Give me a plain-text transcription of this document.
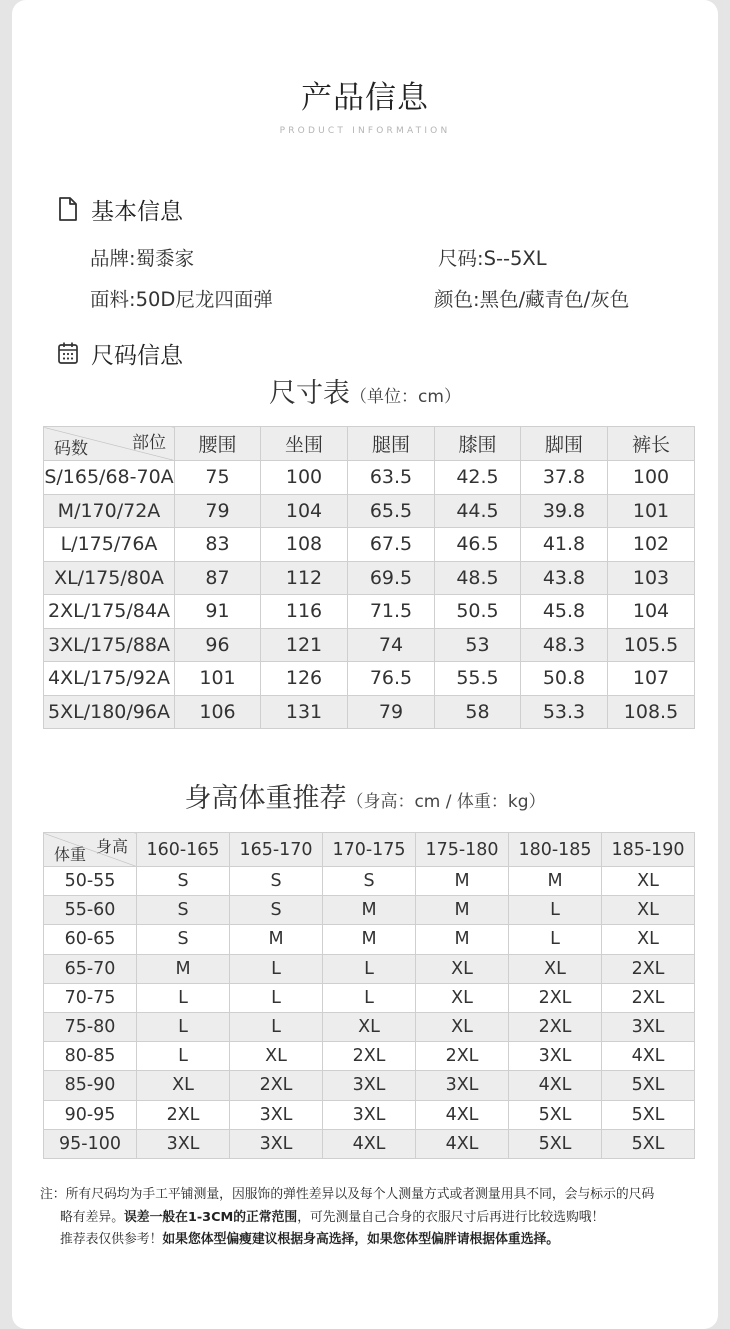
产品信息
PRODUCT INFORMATION
基本信息
品牌:蜀黍家	尺码:S--5XL
面料:50D尼龙四面弹	颜色:黑色/藏青色/灰色
尺码信息
尺寸表（单位：cm）
部位
码数	腰围	坐围	腿围	膝围	脚围	裤长
S/165/68-70A	75	100	63.5	42.5	37.8	100
M/170/72A	79	104	65.5	44.5	39.8	101
L/175/76A	83	108	67.5	46.5	41.8	102
XL/175/80A	87	112	69.5	48.5	43.8	103
2XL/175/84A	91	116	71.5	50.5	45.8	104
3XL/175/88A	96	121	74	53	48.3	105.5
4XL/175/92A	101	126	76.5	55.5	50.8	107
5XL/180/96A	106	131	79	58	53.3	108.5
身高体重推荐（身高：cm / 体重：kg）
身高
体重	160-165	165-170	170-175	175-180	180-185	185-190
50-55	S	S	S	M	M	XL
55-60	S	S	M	M	L	XL
60-65	S	M	M	M	L	XL
65-70	M	L	L	XL	XL	2XL
70-75	L	L	L	XL	2XL	2XL
75-80	L	L	XL	XL	2XL	3XL
80-85	L	XL	2XL	2XL	3XL	4XL
85-90	XL	2XL	3XL	3XL	4XL	5XL
90-95	2XL	3XL	3XL	4XL	5XL	5XL
95-100	3XL	3XL	4XL	4XL	5XL	5XL
注：所有尺码均为手工平铺测量，因服饰的弹性差异以及每个人测量方式或者测量用具不同，会与标示的尺码
略有差异。误差一般在1-3CM的正常范围，可先测量自己合身的衣服尺寸后再进行比较选购哦！
推荐表仅供参考！如果您体型偏瘦建议根据身高选择，如果您体型偏胖请根据体重选择。
